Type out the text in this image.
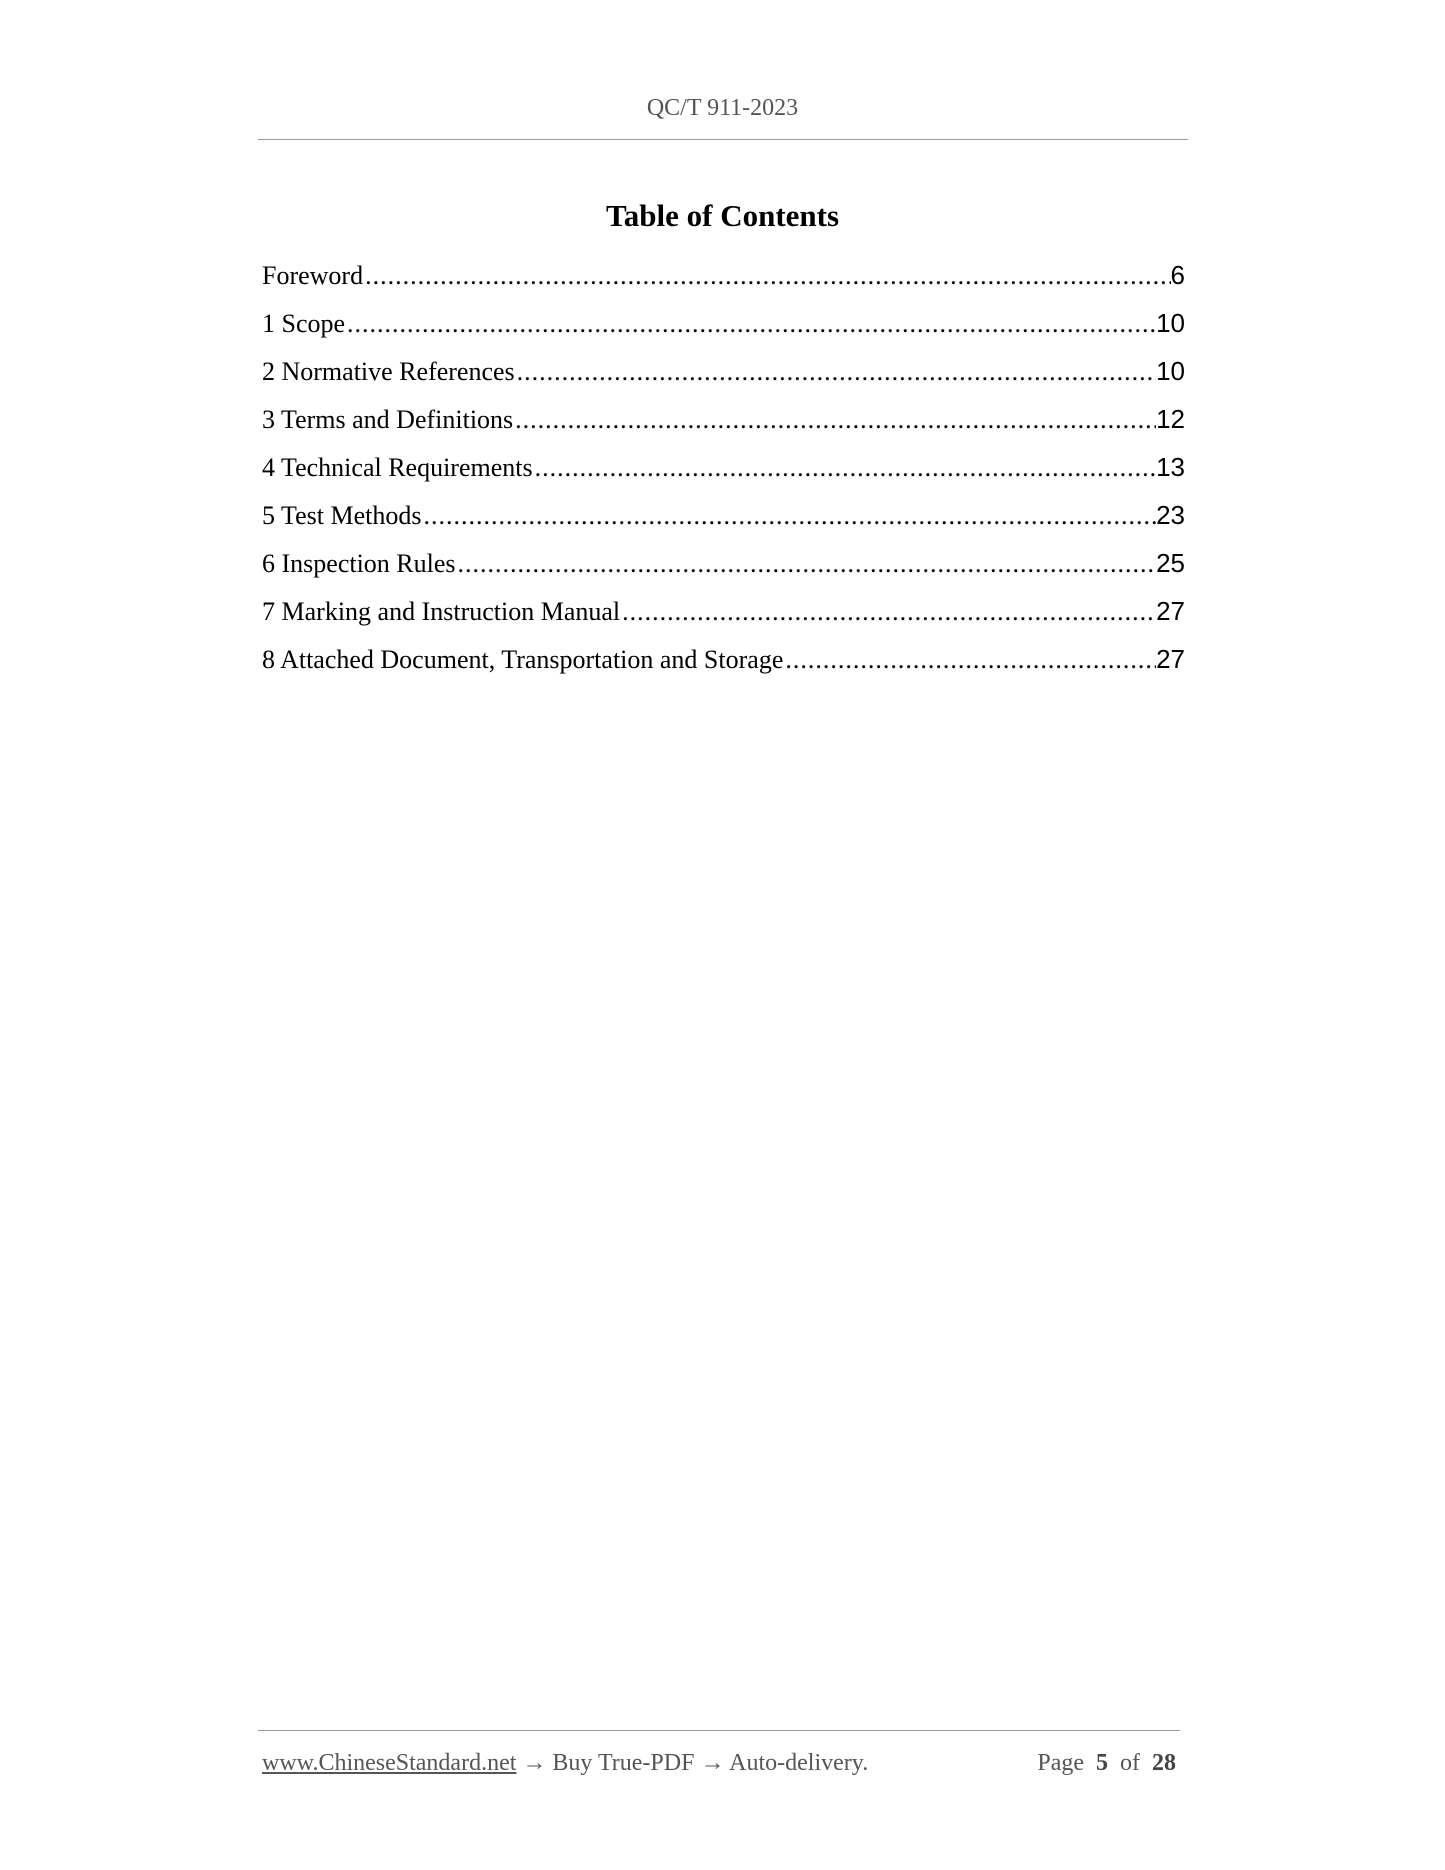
QC/T 911-2023
Table of Contents
Foreword .....	6
1 Scope .....	10
2 Normative References .....	10
3 Terms and Definitions .....	12
4 Technical Requirements .....	13
5 Test Methods .....	23
6 Inspection Rules .....	25
7 Marking and Instruction Manual .....	27
8 Attached Document, Transportation and Storage .....	27
www.ChineseStandard.net → Buy True-PDF → Auto-delivery.	Page 5 of 28
